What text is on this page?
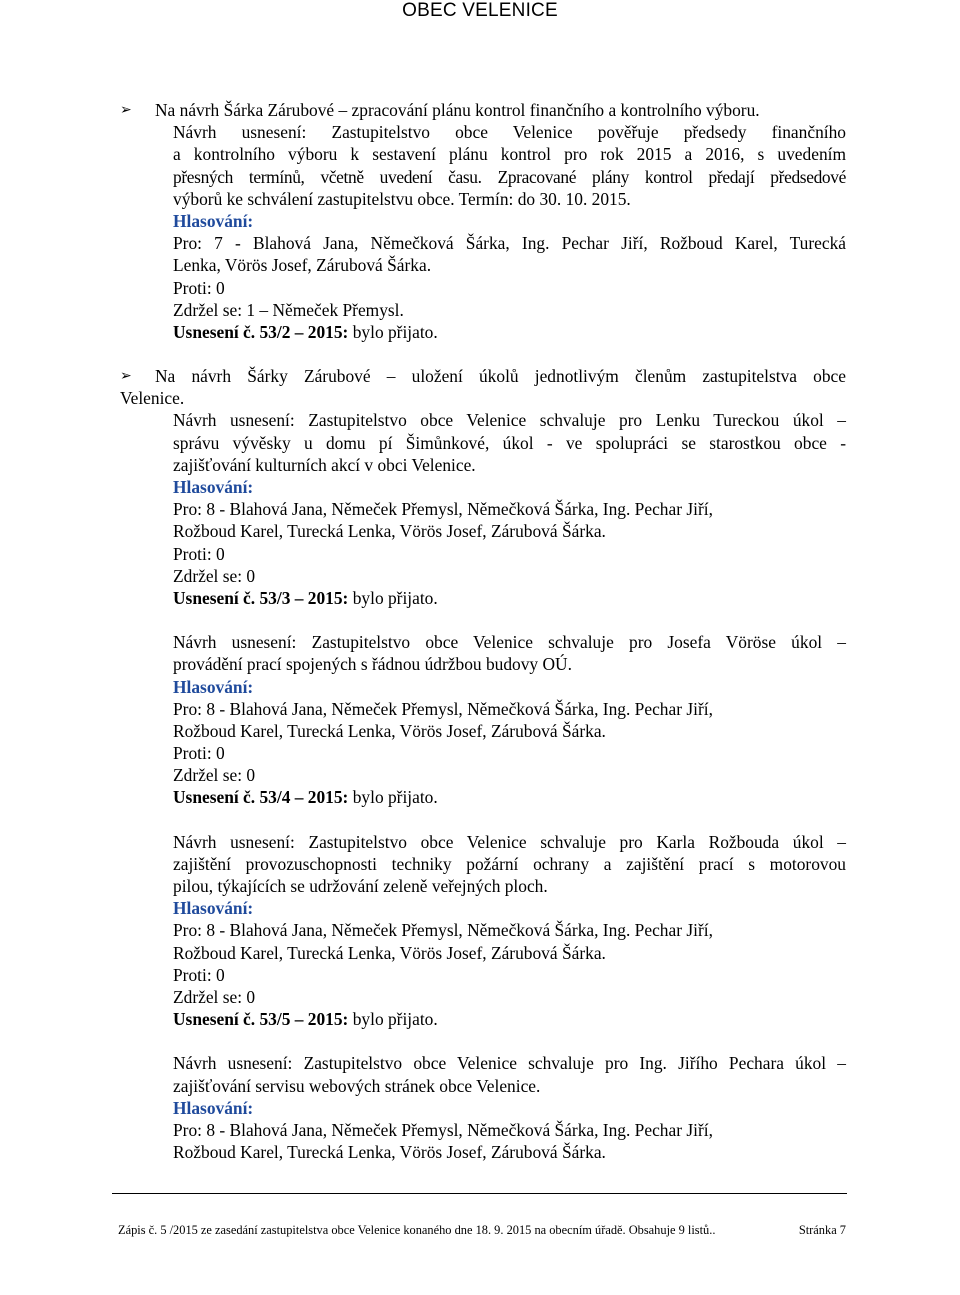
OBEC VELENICE
➢ Na návrh Šárka Zárubové – zpracování plánu kontrol finančního a kontrolního výboru.
Návrh usnesení: Zastupitelstvo obce Velenice pověřuje předsedy finančního
a kontrolního výboru k sestavení plánu kontrol pro rok 2015 a 2016, s uvedením
přesných termínů, včetně uvedení času. Zpracované plány kontrol předají předsedové
výborů ke schválení zastupitelstvu obce. Termín: do 30. 10. 2015.
Hlasování:
Pro: 7 - Blahová Jana, Němečková Šárka, Ing. Pechar Jiří, Rožboud Karel, Turecká
Lenka, Vörös Josef, Zárubová Šárka.
Proti: 0
Zdržel se: 1 – Němeček Přemysl.
Usnesení č. 53/2 – 2015: bylo přijato.
➢ Na návrh Šárky Zárubové – uložení úkolů jednotlivým členům zastupitelstva obce
Velenice.
Návrh usnesení: Zastupitelstvo obce Velenice schvaluje pro Lenku Tureckou úkol –
správu vývěsky u domu pí Šimůnkové, úkol - ve spolupráci se starostkou obce -
zajišťování kulturních akcí v obci Velenice.
Hlasování:
Pro: 8 - Blahová Jana, Němeček Přemysl, Němečková Šárka, Ing. Pechar Jiří,
Rožboud Karel, Turecká Lenka, Vörös Josef, Zárubová Šárka.
Proti: 0
Zdržel se: 0
Usnesení č. 53/3 – 2015: bylo přijato.
Návrh usnesení: Zastupitelstvo obce Velenice schvaluje pro Josefa Vöröse úkol –
provádění prací spojených s řádnou údržbou budovy OÚ.
Hlasování:
Pro: 8 - Blahová Jana, Němeček Přemysl, Němečková Šárka, Ing. Pechar Jiří,
Rožboud Karel, Turecká Lenka, Vörös Josef, Zárubová Šárka.
Proti: 0
Zdržel se: 0
Usnesení č. 53/4 – 2015: bylo přijato.
Návrh usnesení: Zastupitelstvo obce Velenice schvaluje pro Karla Rožbouda úkol –
zajištění provozuschopnosti techniky požární ochrany a zajištění prací s motorovou
pilou, týkajících se udržování zeleně veřejných ploch.
Hlasování:
Pro: 8 - Blahová Jana, Němeček Přemysl, Němečková Šárka, Ing. Pechar Jiří,
Rožboud Karel, Turecká Lenka, Vörös Josef, Zárubová Šárka.
Proti: 0
Zdržel se: 0
Usnesení č. 53/5 – 2015: bylo přijato.
Návrh usnesení: Zastupitelstvo obce Velenice schvaluje pro Ing. Jiřího Pechara úkol –
zajišťování servisu webových stránek obce Velenice.
Hlasování:
Pro: 8 - Blahová Jana, Němeček Přemysl, Němečková Šárka, Ing. Pechar Jiří,
Rožboud Karel, Turecká Lenka, Vörös Josef, Zárubová Šárka.
Zápis č. 5 /2015 ze zasedání zastupitelstva obce Velenice konaného dne 18. 9. 2015 na obecním úřadě. Obsahuje 9 listů..	Stránka 7
